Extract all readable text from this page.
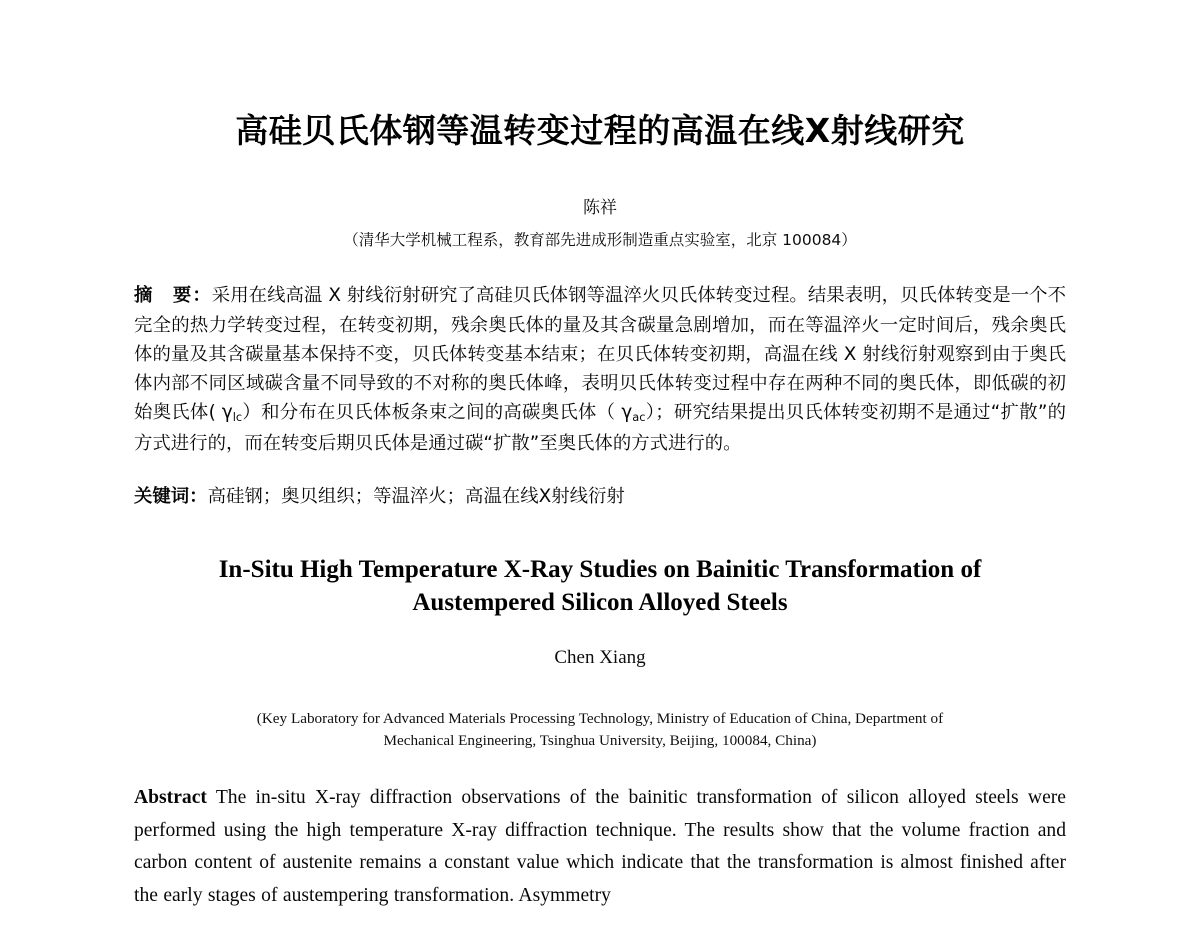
高硅贝氏体钢等温转变过程的高温在线X射线研究
陈祥
（清华大学机械工程系，教育部先进成形制造重点实验室，北京 100084）

摘　要：采用在线高温 X 射线衍射研究了高硅贝氏体钢等温淬火贝氏体转变过程。结果表明，贝氏体转变是一个不完全的热力学转变过程，在转变初期，残余奥氏体的量及其含碳量急剧增加，而在等温淬火一定时间后，残余奥氏体的量及其含碳量基本保持不变，贝氏体转变基本结束；在贝氏体转变初期，高温在线 X 射线衍射观察到由于奥氏体内部不同区域碳含量不同导致的不对称的奥氏体峰，表明贝氏体转变过程中存在两种不同的奥氏体，即低碳的初始奥氏体( $\gamma_{lc}$）和分布在贝氏体板条束之间的高碳奥氏体（ $\gamma_{ac}$）；研究结果提出贝氏体转变初期不是通过“扩散”的方式进行的，而在转变后期贝氏体是通过碳“扩散”至奥氏体的方式进行的。

关键词：高硅钢；奥贝组织；等温淬火；高温在线X射线衍射

In-Situ High Temperature X-Ray Studies on Bainitic Transformation of
Austempered Silicon Alloyed Steels
Chen Xiang
(Key Laboratory for Advanced Materials Processing Technology, Ministry of Education of China, Department of
Mechanical Engineering, Tsinghua University, Beijing, 100084, China)

Abstract The in-situ X-ray diffraction observations of the bainitic transformation of silicon alloyed steels were performed using the high temperature X-ray diffraction technique. The results show that the volume fraction and carbon content of austenite remains a constant value which indicate that the transformation is almost finished after the early stages of austempering transformation. Asymmetry
